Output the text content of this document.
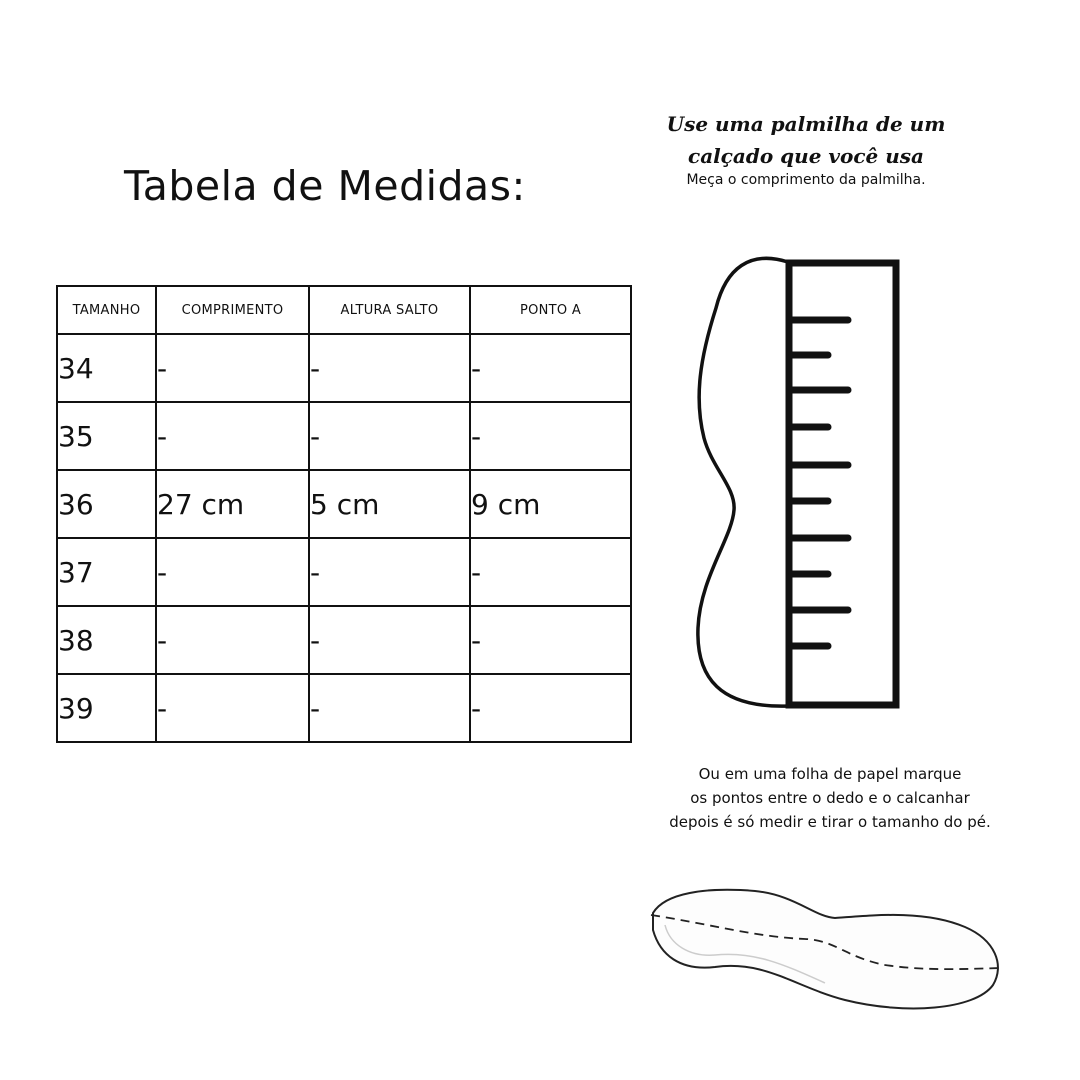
Tabela de Medidas:
TAMANHO	COMPRIMENTO	ALTURA SALTO	PONTO A
34	-	-	-
35	-	-	-
36	27 cm	5 cm	9 cm
37	-	-	-
38	-	-	-
39	-	-	-
Use uma palmilha de um
calçado que você usa
Meça o comprimento da palmilha.
Ou em uma folha de papel marque
os pontos entre o dedo e o calcanhar
depois é só medir e tirar o tamanho do pé.
